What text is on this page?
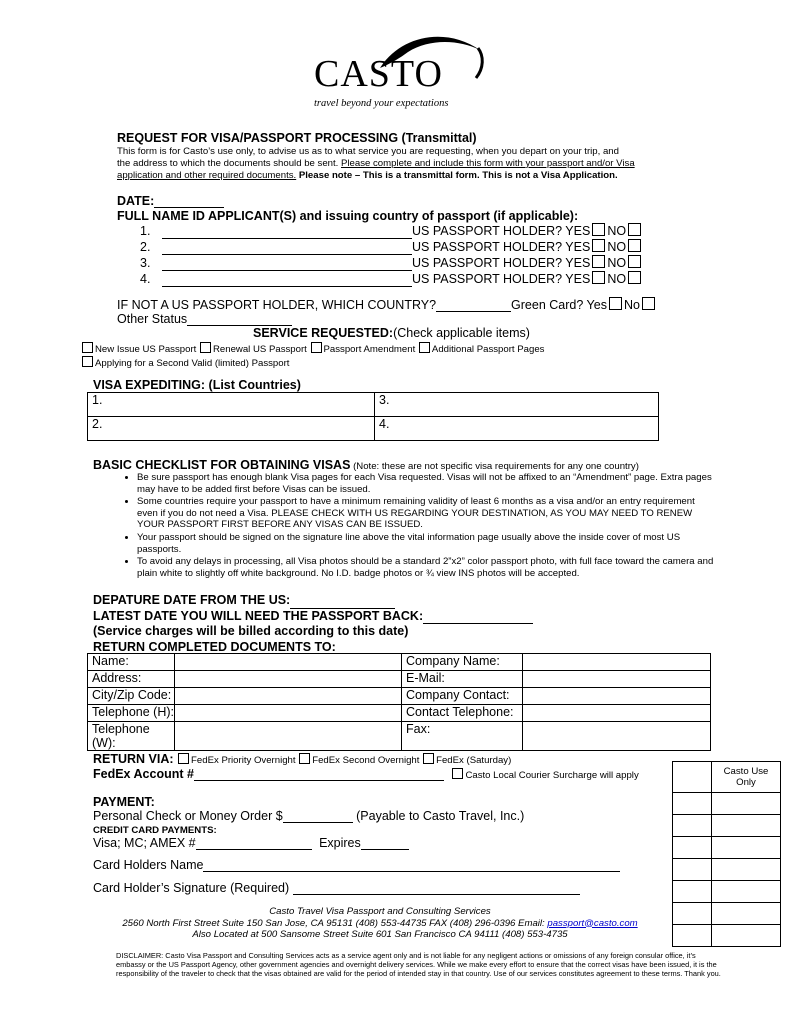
CASTO
travel beyond your expectations
REQUEST FOR VISA/PASSPORT PROCESSING (Transmittal)
This form is for Casto’s use only, to advise us as to what service you are requesting, when you depart on your trip, and
the address to which the documents should be sent. Please complete and include this form with your passport and/or Visa
application and other required documents. Please note – This is a transmittal form. This is not a Visa Application.
DATE:
FULL NAME ID APPLICANT(S) and issuing country of passport (if applicable):
1.	US PASSPORT HOLDER? YES NO
2.	US PASSPORT HOLDER? YES NO
3.	US PASSPORT HOLDER? YES NO
4.	US PASSPORT HOLDER? YES NO
IF NOT A US PASSPORT HOLDER, WHICH COUNTRY?	Green Card? Yes No
Other Status
SERVICE REQUESTED:(Check applicable items)
New Issue US Passport Renewal US Passport Passport Amendment Additional Passport Pages
Applying for a Second Valid (limited) Passport
VISA EXPEDITING: (List Countries)
1.	3.
2.	4.
BASIC CHECKLIST FOR OBTAINING VISAS (Note: these are not specific visa requirements for any one country)
• Be sure passport has enough blank Visa pages for each Visa requested. Visas will not be affixed to an “Amendment” page. Extra pages may have to be added first before Visas can be issued.
• Some countries require your passport to have a minimum remaining validity of least 6 months as a visa and/or an entry requirement even if you do not need a Visa. PLEASE CHECK WITH US REGARDING YOUR DESTINATION, AS YOU MAY NEED TO RENEW YOUR PASSPORT FIRST BEFORE ANY VISAS CAN BE ISSUED.
• Your passport should be signed on the signature line above the vital information page usually above the inside cover of most US passports.
• To avoid any delays in processing, all Visa photos should be a standard 2”x2” color passport photo, with full face toward the camera and plain white to slightly off white background. No I.D. badge photos or ¾ view INS photos will be accepted.
DEPATURE DATE FROM THE US:
LATEST DATE YOU WILL NEED THE PASSPORT BACK:
(Service charges will be billed according to this date)
RETURN COMPLETED DOCUMENTS TO:
Name:		Company Name:	
Address:		E-Mail:	
City/Zip Code:		Company Contact:	
Telephone (H):		Contact Telephone:	
Telephone (W):		Fax:	
RETURN VIA: FedEx Priority Overnight FedEx Second Overnight FedEx (Saturday)
FedEx Account #	Casto Local Courier Surcharge will apply
		Casto Use Only

PAYMENT:
Personal Check or Money Order $	(Payable to Casto Travel, Inc.)
CREDIT CARD PAYMENTS:
Visa; MC; AMEX #	Expires
Card Holders Name
Card Holder’s Signature (Required)
Casto Travel Visa Passport and Consulting Services
2560 North First Street Suite 150 San Jose, CA 95131 (408) 553-44735 FAX (408) 296-0396 Email: passport@casto.com
Also Located at 500 Sansome Street Suite 601 San Francisco CA 94111 (408) 553-4735
DISCLAIMER: Casto Visa Passport and Consulting Services acts as a service agent only and is not liable for any negligent actions or omissions of any foreign consular office, it’s embassy or the US Passport Agency, other government agencies and overnight delivery services. While we make every effort to ensure that the correct visas have been issued, it is the responsibility of the traveler to check that the visas obtained are valid for the period of intended stay in that country. Use of our services constitutes agreement to these terms. Thank you.
